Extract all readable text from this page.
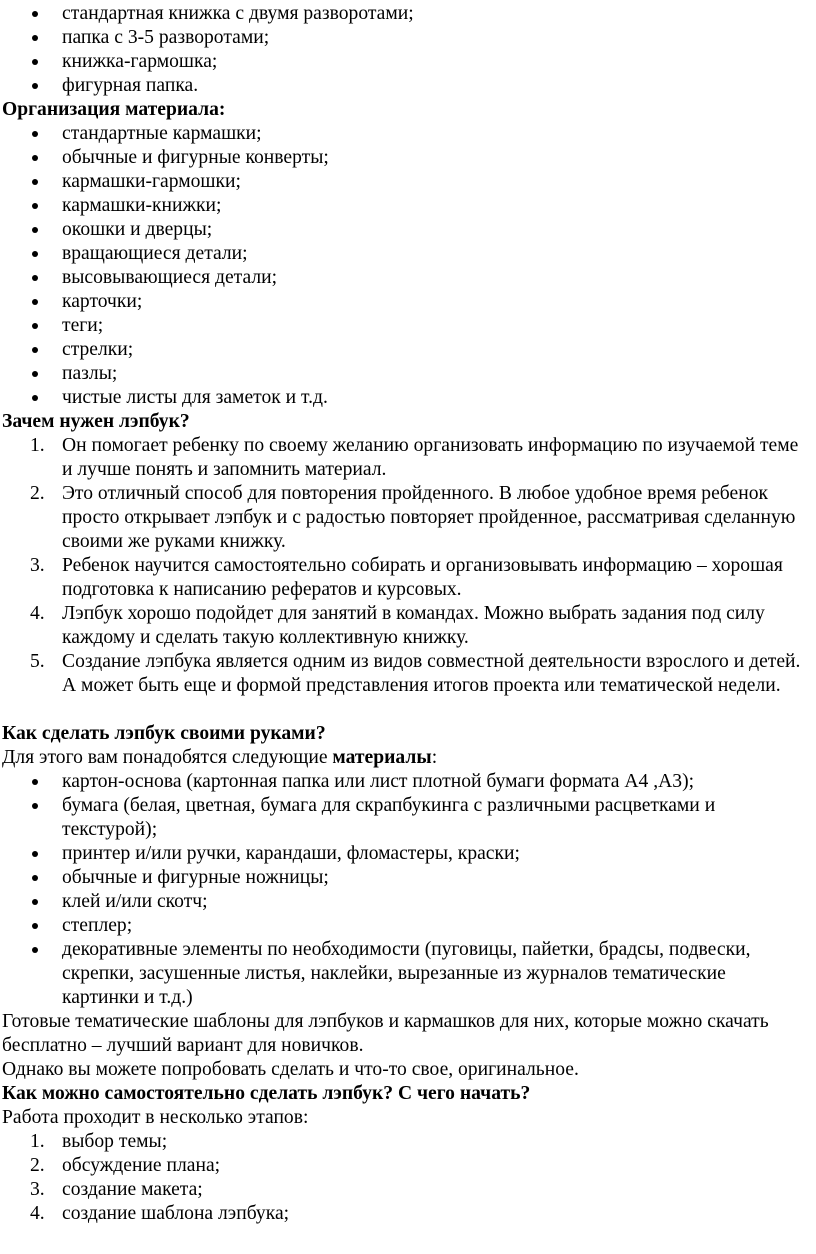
стандартная книжка с двумя разворотами;
папка с 3-5 разворотами;
книжка-гармошка;
фигурная папка.
Организация материала:
стандартные кармашки;
обычные и фигурные конверты;
кармашки-гармошки;
кармашки-книжки;
окошки и дверцы;
вращающиеся детали;
высовывающиеся детали;
карточки;
теги;
стрелки;
пазлы;
чистые листы для заметок и т.д.
Зачем нужен лэпбук?
1. Он помогает ребенку по своему желанию организовать информацию по изучаемой теме и лучше понять и запомнить материал.
2. Это отличный способ для повторения пройденного. В любое удобное время ребенок просто открывает лэпбук и с радостью повторяет пройденное, рассматривая сделанную своими же руками книжку.
3. Ребенок научится самостоятельно собирать и организовывать информацию – хорошая подготовка к написанию рефератов и курсовых.
4. Лэпбук хорошо подойдет для занятий в командах. Можно выбрать задания под силу каждому и сделать такую коллективную книжку.
5. Создание лэпбука является одним из видов совместной деятельности взрослого и детей. А может быть еще и формой представления итогов проекта или тематической недели.
Как сделать лэпбук своими руками?
Для этого вам понадобятся следующие материалы:
картон-основа (картонная папка или лист плотной бумаги формата А4 ,А3);
бумага (белая, цветная, бумага для скрапбукинга с различными расцветками и текстурой);
принтер и/или ручки, карандаши, фломастеры, краски;
обычные и фигурные ножницы;
клей и/или скотч;
степлер;
декоративные элементы по необходимости (пуговицы, пайетки, брадсы, подвески, скрепки, засушенные листья, наклейки, вырезанные из журналов тематические картинки и т.д.)
Готовые тематические шаблоны для лэпбуков и кармашков для них, которые можно скачать бесплатно – лучший вариант для новичков.
Однако вы можете попробовать сделать и что-то свое, оригинальное.
Как можно самостоятельно сделать лэпбук? С чего начать?
Работа проходит в несколько этапов:
1. выбор темы;
2. обсуждение плана;
3. создание макета;
4. создание шаблона лэпбука;
